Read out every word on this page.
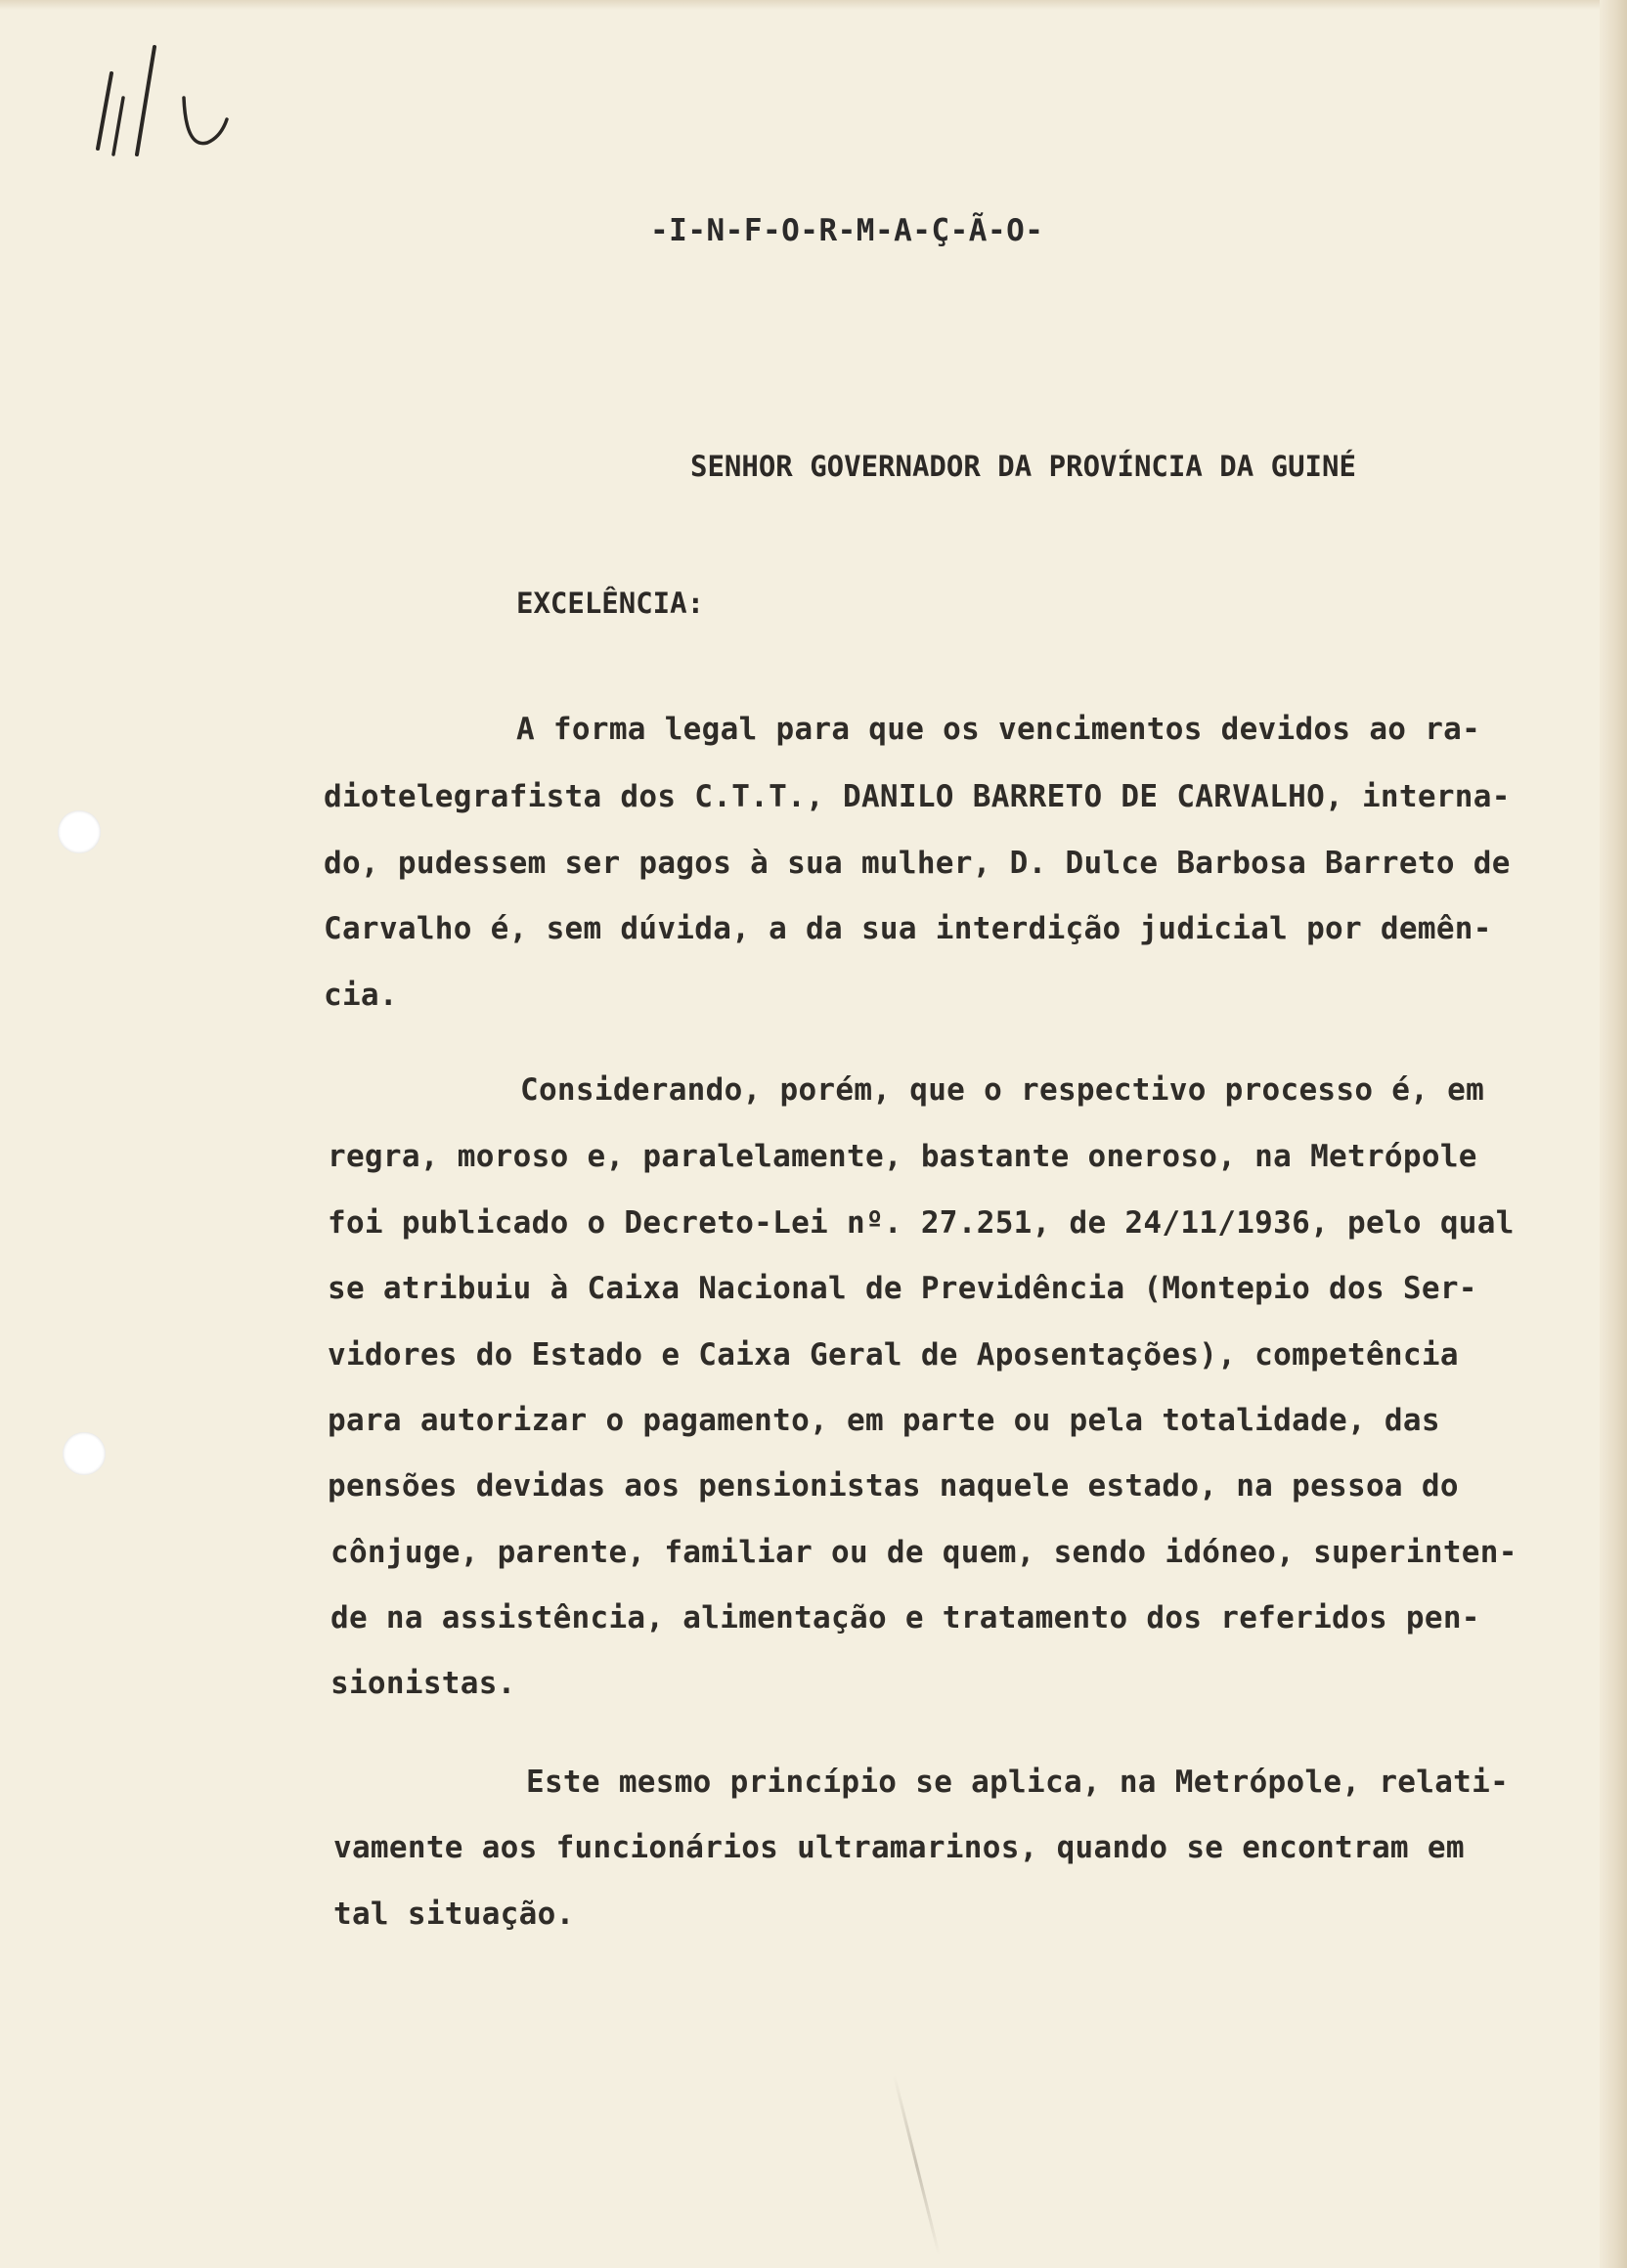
-I-N-F-O-R-M-A-Ç-Ã-O-
SENHOR GOVERNADOR DA PROVÍNCIA DA GUINÉ
EXCELÊNCIA:
A forma legal para que os vencimentos devidos ao ra-
diotelegrafista dos C.T.T., DANILO BARRETO DE CARVALHO, interna-
do, pudessem ser pagos à sua mulher, D. Dulce Barbosa Barreto de
Carvalho é, sem dúvida, a da sua interdição judicial por demên-
cia.
Considerando, porém, que o respectivo processo é, em
regra, moroso e, paralelamente, bastante oneroso, na Metrópole
foi publicado o Decreto-Lei nº. 27.251, de 24/11/1936, pelo qual
se atribuiu à Caixa Nacional de Previdência (Montepio dos Ser-
vidores do Estado e Caixa Geral de Aposentações), competência
para autorizar o pagamento, em parte ou pela totalidade, das
pensões devidas aos pensionistas naquele estado, na pessoa do
cônjuge, parente, familiar ou de quem, sendo idóneo, superinten-
de na assistência, alimentação e tratamento dos referidos pen-
sionistas.
Este mesmo princípio se aplica, na Metrópole, relati-
vamente aos funcionários ultramarinos, quando se encontram em
tal situação.
